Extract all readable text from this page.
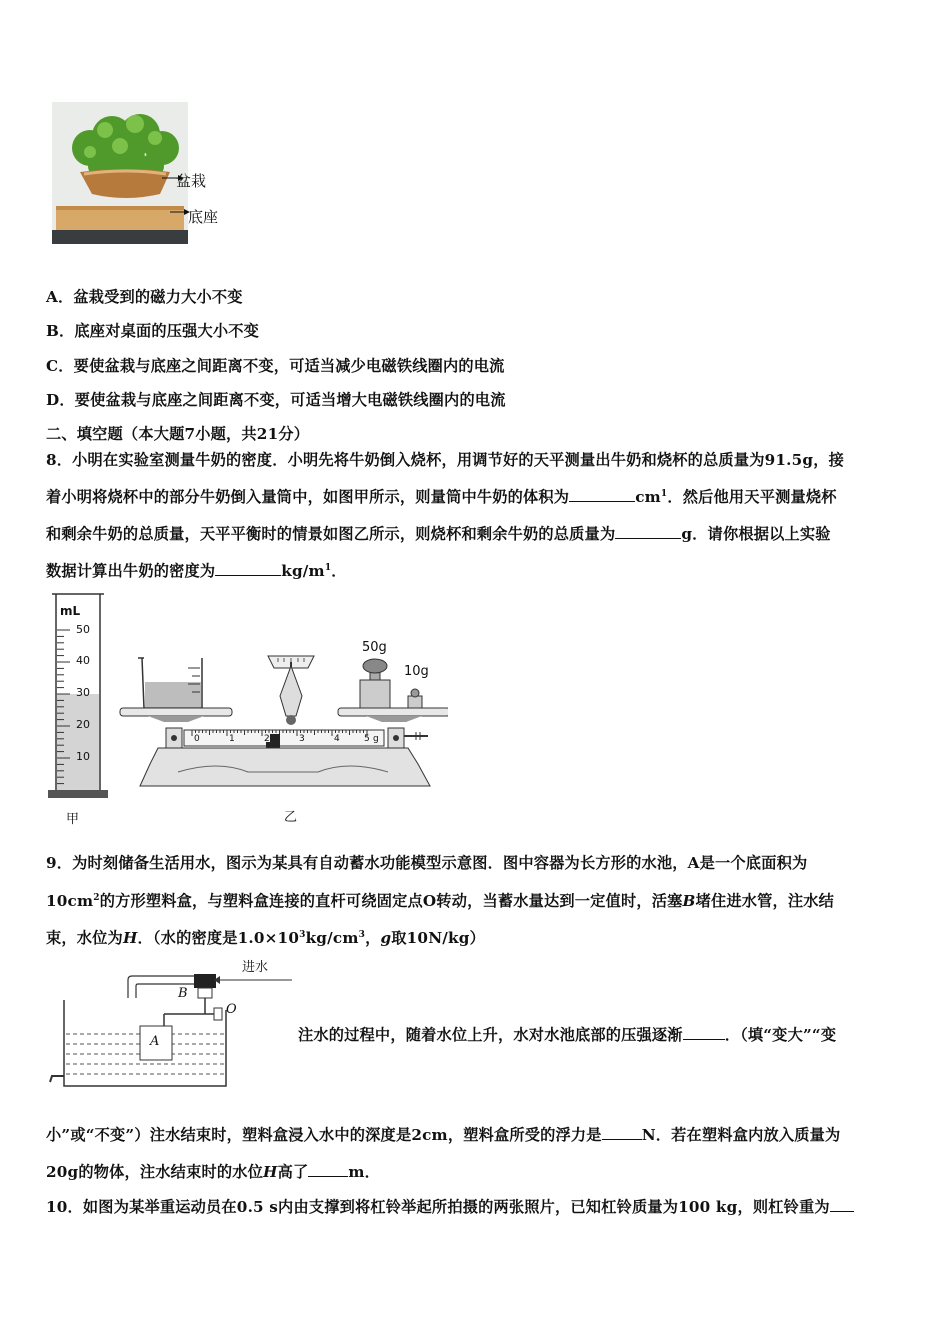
盆栽
底座
A．盆栽受到的磁力大小不变
B．底座对桌面的压强大小不变
C．要使盆栽与底座之间距离不变，可适当减少电磁铁线圈内的电流
D．要使盆栽与底座之间距离不变，可适当增大电磁铁线圈内的电流
二、填空题（本大题7小题，共21分）
8．小明在实验室测量牛奶的密度．小明先将牛奶倒入烧杯，用调节好的天平测量出牛奶和烧杯的总质量为91.5g，接
着小明将烧杯中的部分牛奶倒入量筒中，如图甲所示，则量筒中牛奶的体积为	$cm^1$．然后他用天平测量烧杯
和剩余牛奶的总质量，天平平衡时的情景如图乙所示，则烧杯和剩余牛奶的总质量为	g．请你根据以上实验
数据计算出牛奶的密度为	$kg/m^1$．
mL
50
40
30
20
10
甲
50g
10g
0	1	2	3	4	5 g
乙
9．为时刻储备生活用水，图示为某具有自动蓄水功能模型示意图．图中容器为长方形的水池，A是一个底面积为
$10cm^2$的方形塑料盒，与塑料盒连接的直杆可绕固定点O转动，当蓄水量达到一定值时，活塞B堵住进水管，注水结
束，水位为H．（水的密度是$1.0\times 10^3kg/cm^3$，g取10N/kg）
进水
B
O
A	注水的过程中，随着水位上升，水对水池底部的压强逐渐	．（填“变大”“变
小”或“不变”）注水结束时，塑料盒浸入水中的深度是2cm，塑料盒所受的浮力是	N．若在塑料盒内放入质量为
20g的物体，注水结束时的水位H高了	m．
10．如图为某举重运动员在0.5 s内由支撑到将杠铃举起所拍摄的两张照片，已知杠铃质量为100 kg，则杠铃重为
